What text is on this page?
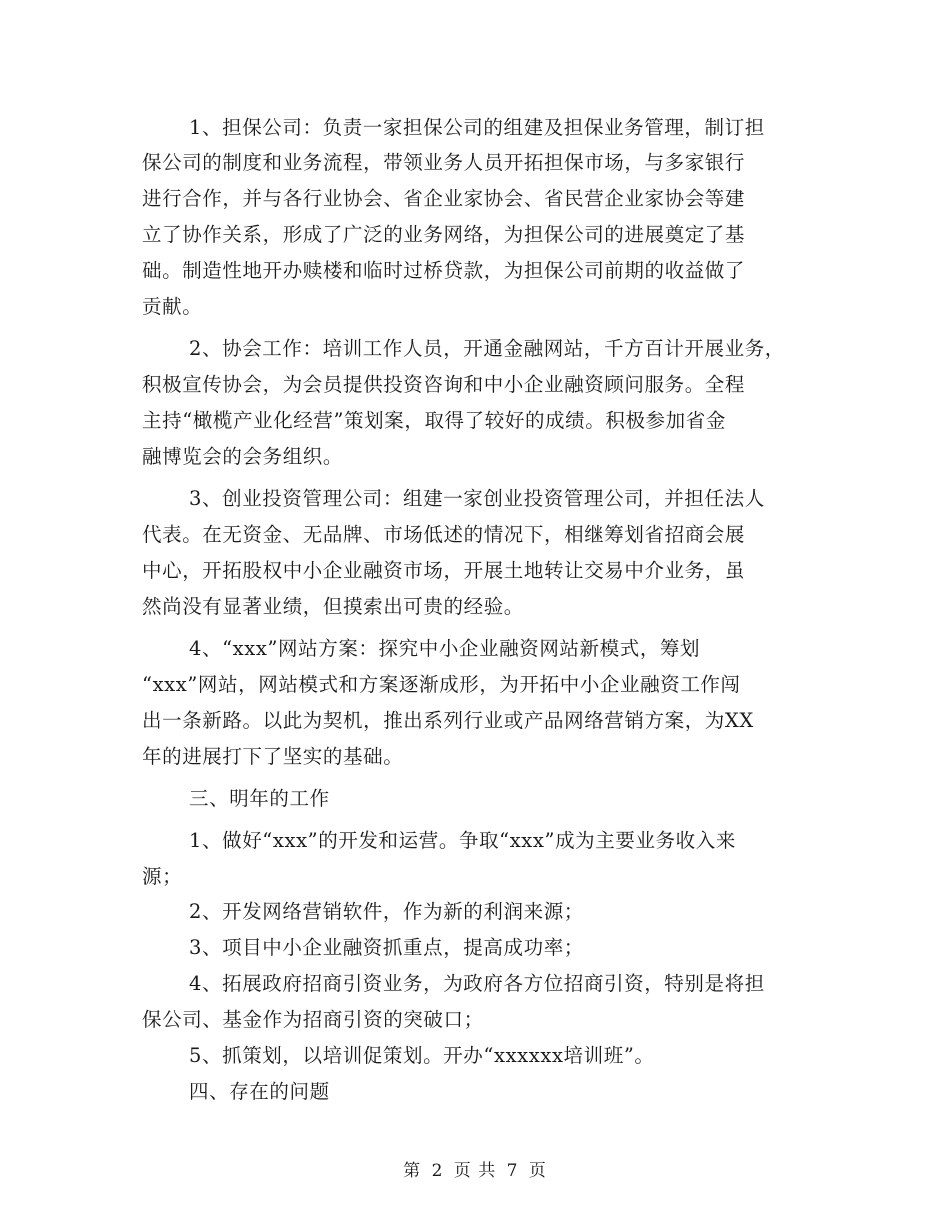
1、担保公司：负责一家担保公司的组建及担保业务管理，制订担
保公司的制度和业务流程，带领业务人员开拓担保市场，与多家银行
进行合作，并与各行业协会、省企业家协会、省民营企业家协会等建
立了协作关系，形成了广泛的业务网络，为担保公司的进展奠定了基
础。制造性地开办赎楼和临时过桥贷款，为担保公司前期的收益做了
贡献。
2、协会工作：培训工作人员，开通金融网站，千方百计开展业务，
积极宣传协会，为会员提供投资咨询和中小企业融资顾问服务。全程
主持“橄榄产业化经营”策划案，取得了较好的成绩。积极参加省金
融博览会的会务组织。
3、创业投资管理公司：组建一家创业投资管理公司，并担任法人
代表。在无资金、无品牌、市场低述的情况下，相继筹划省招商会展
中心，开拓股权中小企业融资市场，开展土地转让交易中介业务，虽
然尚没有显著业绩，但摸索出可贵的经验。
4、“xxx”网站方案：探究中小企业融资网站新模式，筹划
“xxx”网站，网站模式和方案逐渐成形，为开拓中小企业融资工作闯
出一条新路。以此为契机，推出系列行业或产品网络营销方案，为XX
年的进展打下了坚实的基础。
三、明年的工作
1、做好“xxx”的开发和运营。争取“xxx”成为主要业务收入来
源；
2、开发网络营销软件，作为新的利润来源；
3、项目中小企业融资抓重点，提高成功率；
4、拓展政府招商引资业务，为政府各方位招商引资，特别是将担
保公司、基金作为招商引资的突破口；
5、抓策划，以培训促策划。开办“xxxxxx培训班”。
四、存在的问题
第 2 页 共 7 页
